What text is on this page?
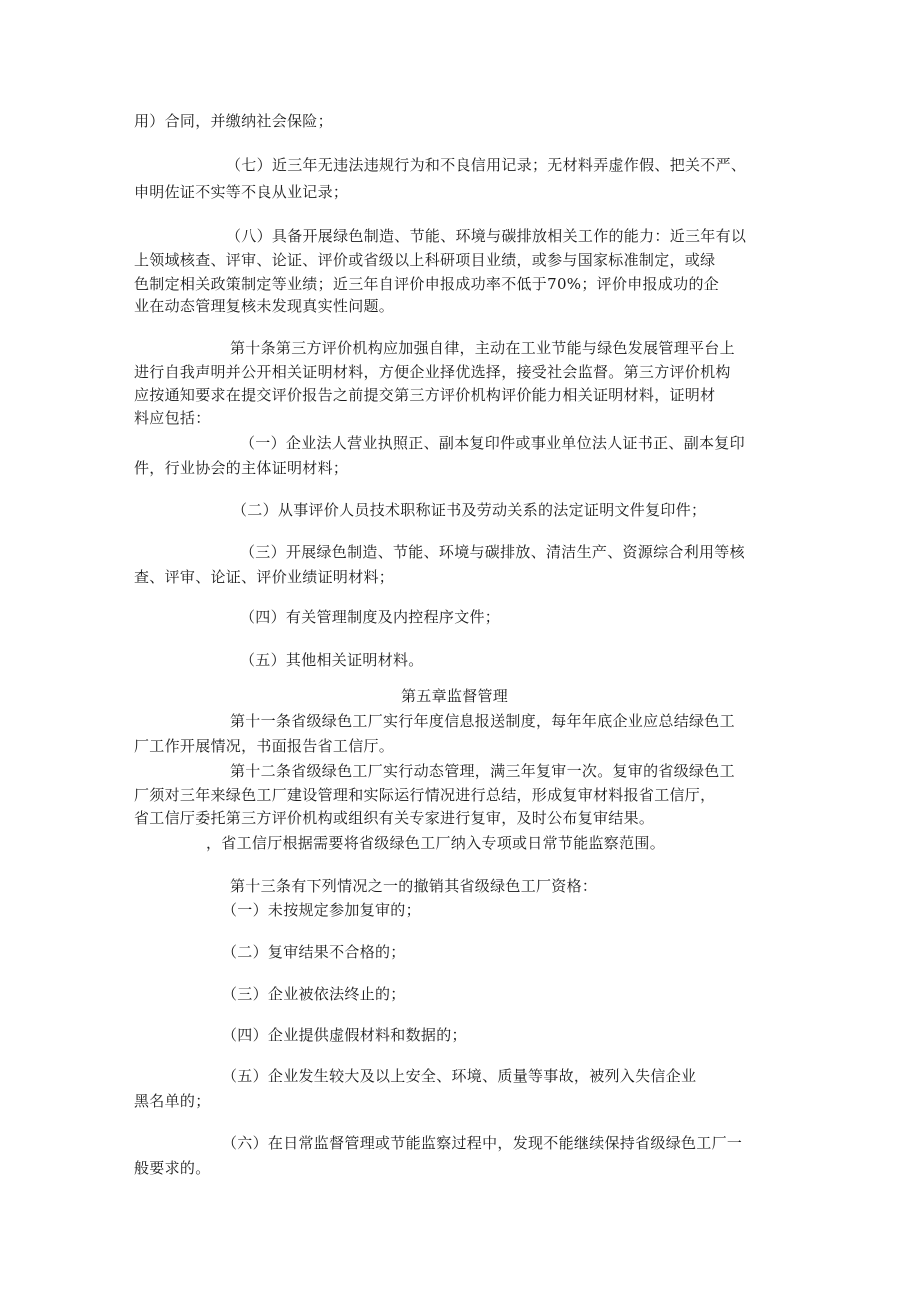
用）合同，并缴纳社会保险；
（七）近三年无违法违规行为和不良信用记录；无材料弄虚作假、把关不严、
申明佐证不实等不良从业记录；
（八）具备开展绿色制造、节能、环境与碳排放相关工作的能力：近三年有以
上领域核查、评审、论证、评价或省级以上科研项目业绩，或参与国家标准制定，或绿
色制定相关政策制定等业绩；近三年自评价申报成功率不低于70%；评价申报成功的企
业在动态管理复核未发现真实性问题。
第十条第三方评价机构应加强自律，主动在工业节能与绿色发展管理平台上
进行自我声明并公开相关证明材料，方便企业择优选择，接受社会监督。第三方评价机构
应按通知要求在提交评价报告之前提交第三方评价机构评价能力相关证明材料，证明材
料应包括：
（一）企业法人营业执照正、副本复印件或事业单位法人证书正、副本复印
件，行业协会的主体证明材料；
（二）从事评价人员技术职称证书及劳动关系的法定证明文件复印件；
（三）开展绿色制造、节能、环境与碳排放、清洁生产、资源综合利用等核
查、评审、论证、评价业绩证明材料；
（四）有关管理制度及内控程序文件；
（五）其他相关证明材料。
第五章监督管理
第十一条省级绿色工厂实行年度信息报送制度，每年年底企业应总结绿色工
厂工作开展情况，书面报告省工信厅。
第十二条省级绿色工厂实行动态管理，满三年复审一次。复审的省级绿色工
厂须对三年来绿色工厂建设管理和实际运行情况进行总结，形成复审材料报省工信厅，
省工信厅委托第三方评价机构或组织有关专家进行复审，及时公布复审结果。
，省工信厅根据需要将省级绿色工厂纳入专项或日常节能监察范围。
第十三条有下列情况之一的撤销其省级绿色工厂资格：
（一）未按规定参加复审的；
（二）复审结果不合格的；
（三）企业被依法终止的；
（四）企业提供虚假材料和数据的；
（五）企业发生较大及以上安全、环境、质量等事故，被列入失信企业
黑名单的；
（六）在日常监督管理或节能监察过程中，发现不能继续保持省级绿色工厂一
般要求的。
